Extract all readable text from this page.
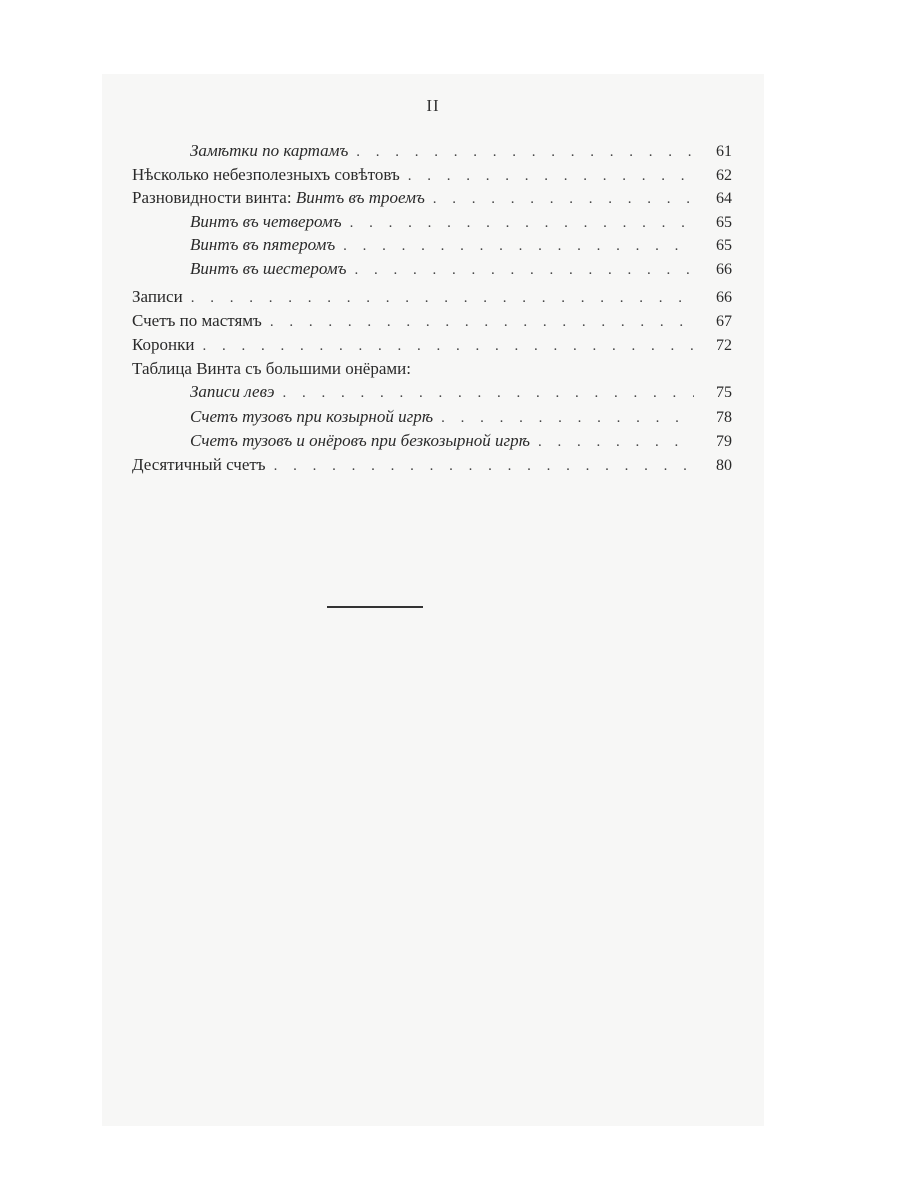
II
Замѣтки по картамъ . . .	61
Нѣсколько небезполезныхъ совѣтовъ . . .	62
Разновидности винта: Винтъ въ троемъ . . .	64
Винтъ въ четверомъ . . .	65
Винтъ въ пятеромъ . . .	65
Винтъ въ шестеромъ . . .	66
Записи . . .	66
Счетъ по мастямъ . . .	67
Коронки . . .	72
Таблица Винта съ большими онёрами:
Записи левэ . . .	75
Счетъ тузовъ при козырной игрѣ . . .	78
Счетъ тузовъ и онёровъ при безкозырной игрѣ . . .	79
Десятичный счетъ . . .	80
